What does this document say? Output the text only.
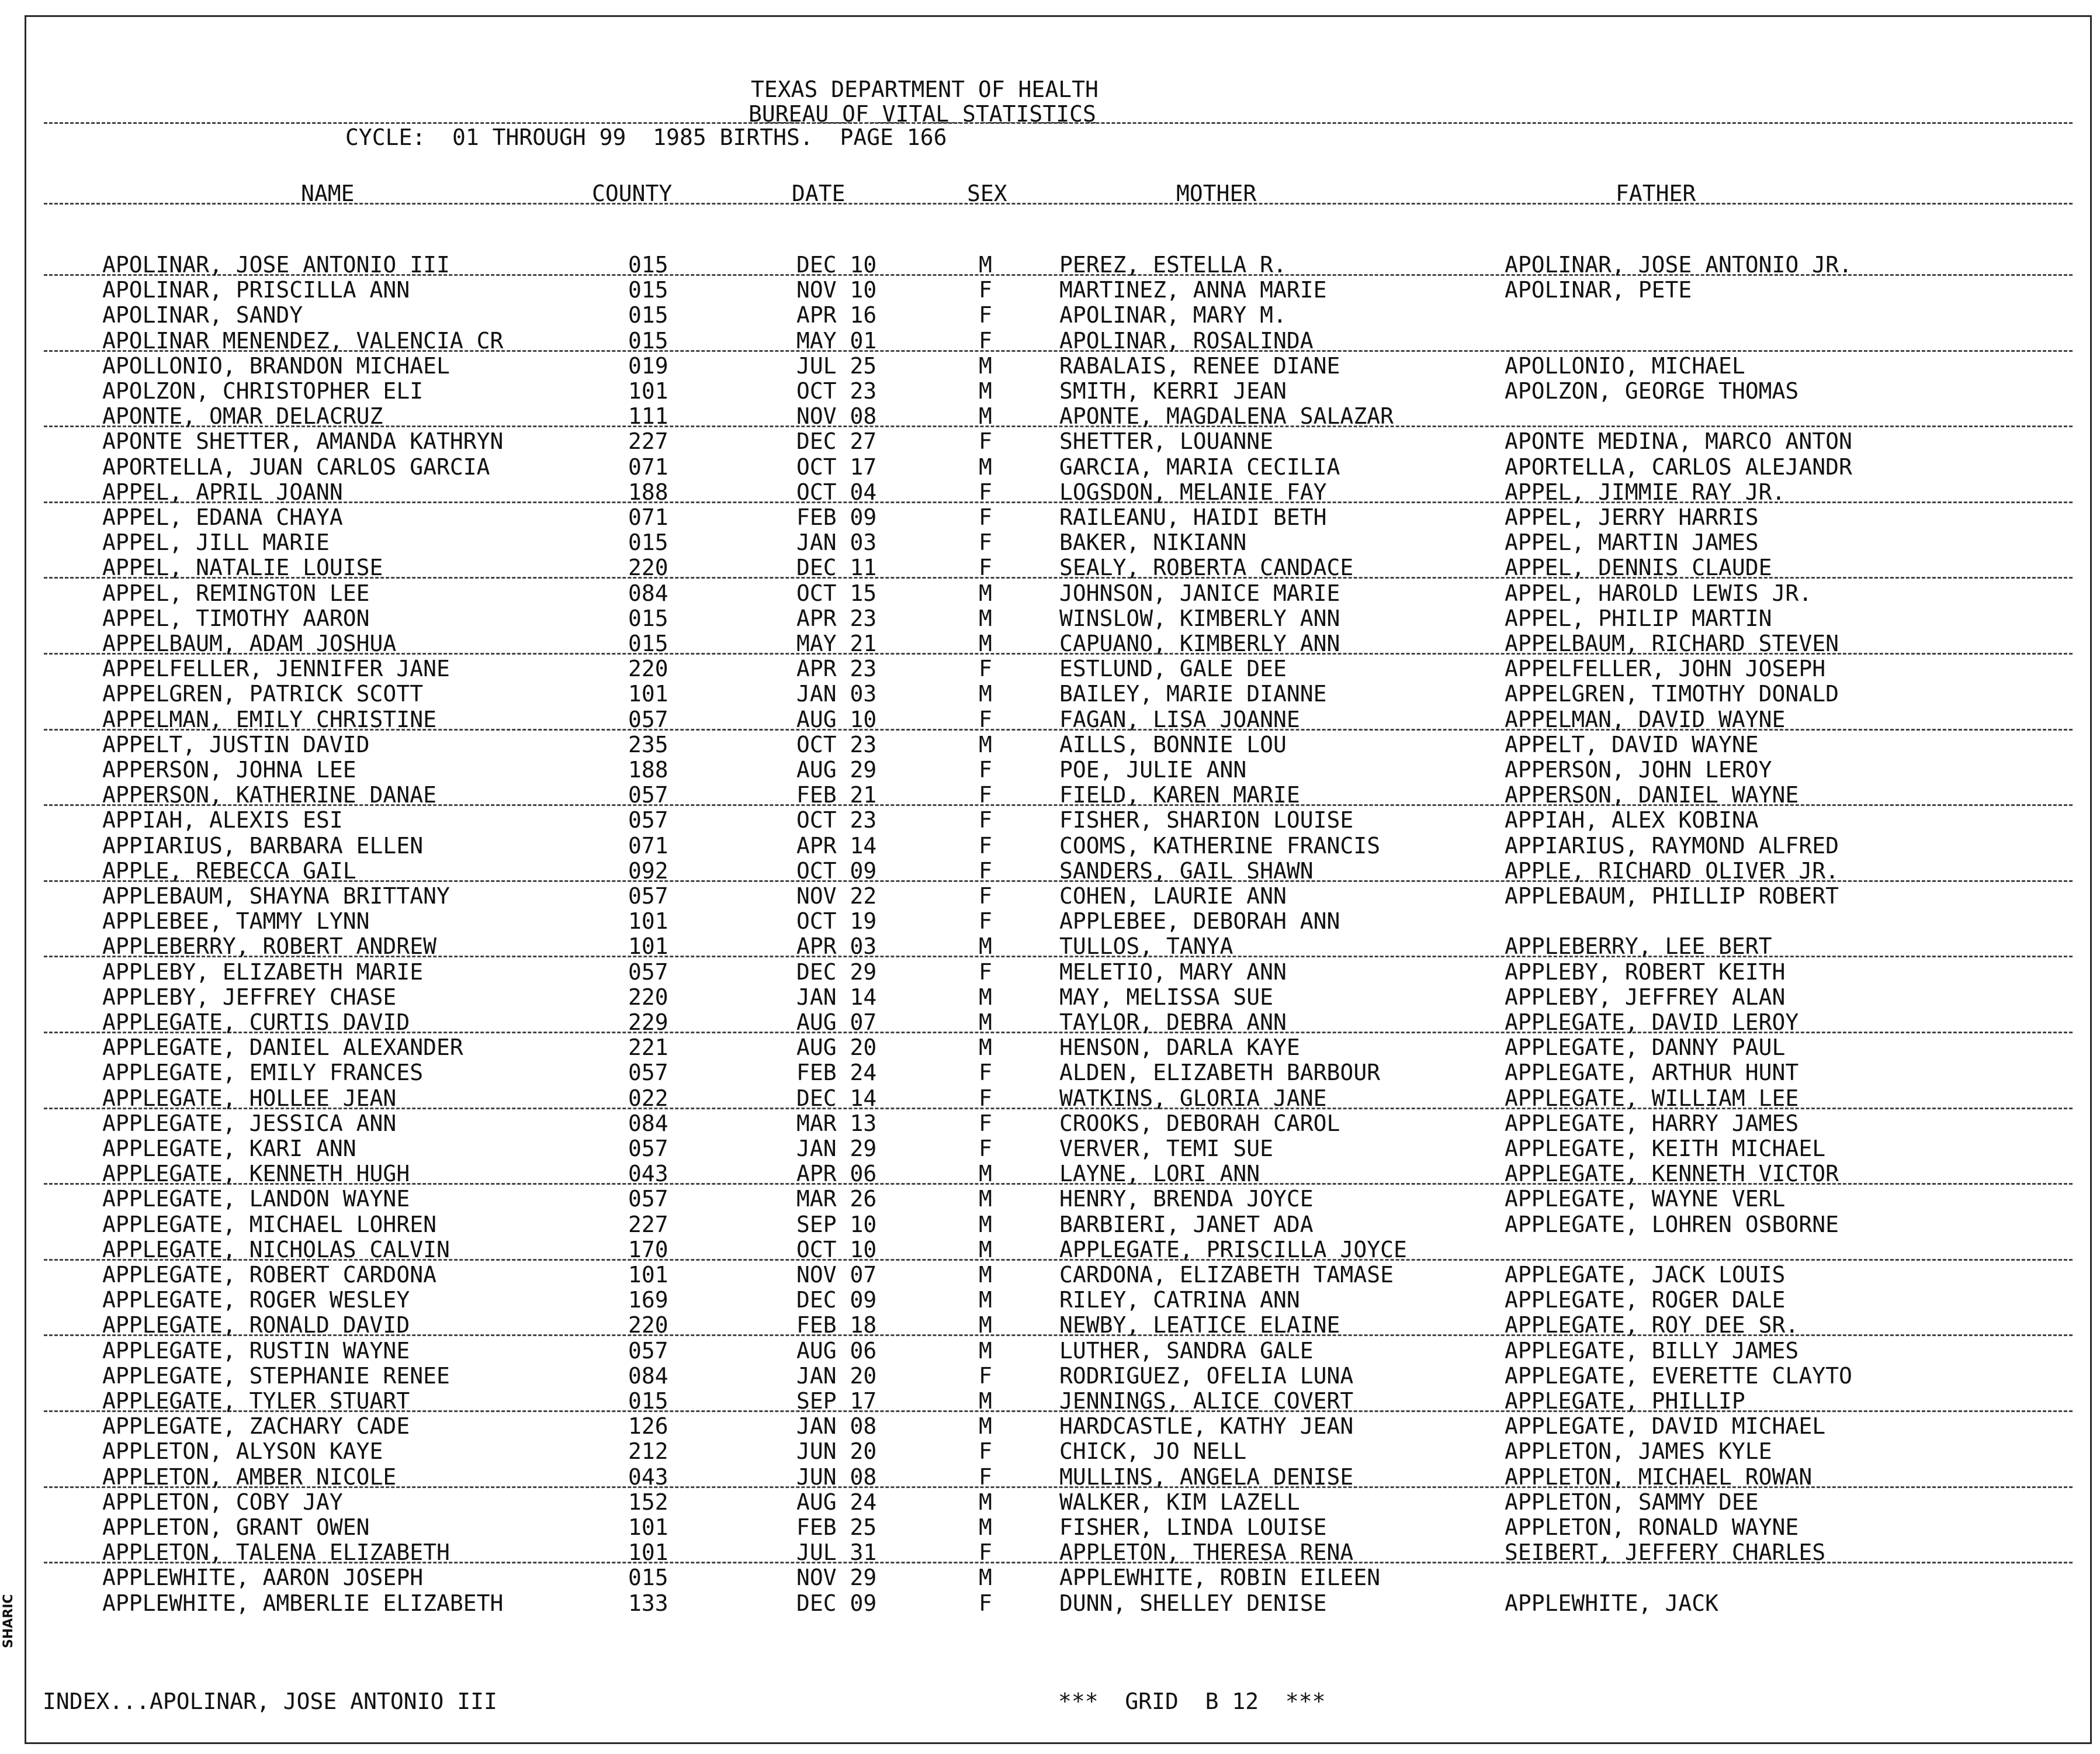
TEXAS DEPARTMENT OF HEALTH
BUREAU OF VITAL STATISTICS
CYCLE:  01 THROUGH 99  1985 BIRTHS.  PAGE 166
NAME	COUNTY	DATE	SEX	MOTHER	FATHER
APOLINAR, JOSE ANTONIO III	015	DEC 10	M	PEREZ, ESTELLA R.	APOLINAR, JOSE ANTONIO JR.
APOLINAR, PRISCILLA ANN	015	NOV 10	F	MARTINEZ, ANNA MARIE	APOLINAR, PETE
APOLINAR, SANDY	015	APR 16	F	APOLINAR, MARY M.
APOLINAR MENENDEZ, VALENCIA CR	015	MAY 01	F	APOLINAR, ROSALINDA
APOLLONIO, BRANDON MICHAEL	019	JUL 25	M	RABALAIS, RENEE DIANE	APOLLONIO, MICHAEL
APOLZON, CHRISTOPHER ELI	101	OCT 23	M	SMITH, KERRI JEAN	APOLZON, GEORGE THOMAS
APONTE, OMAR DELACRUZ	111	NOV 08	M	APONTE, MAGDALENA SALAZAR
APONTE SHETTER, AMANDA KATHRYN	227	DEC 27	F	SHETTER, LOUANNE	APONTE MEDINA, MARCO ANTON
APORTELLA, JUAN CARLOS GARCIA	071	OCT 17	M	GARCIA, MARIA CECILIA	APORTELLA, CARLOS ALEJANDR
APPEL, APRIL JOANN	188	OCT 04	F	LOGSDON, MELANIE FAY	APPEL, JIMMIE RAY JR.
APPEL, EDANA CHAYA	071	FEB 09	F	RAILEANU, HAIDI BETH	APPEL, JERRY HARRIS
APPEL, JILL MARIE	015	JAN 03	F	BAKER, NIKIANN	APPEL, MARTIN JAMES
APPEL, NATALIE LOUISE	220	DEC 11	F	SEALY, ROBERTA CANDACE	APPEL, DENNIS CLAUDE
APPEL, REMINGTON LEE	084	OCT 15	M	JOHNSON, JANICE MARIE	APPEL, HAROLD LEWIS JR.
APPEL, TIMOTHY AARON	015	APR 23	M	WINSLOW, KIMBERLY ANN	APPEL, PHILIP MARTIN
APPELBAUM, ADAM JOSHUA	015	MAY 21	M	CAPUANO, KIMBERLY ANN	APPELBAUM, RICHARD STEVEN
APPELFELLER, JENNIFER JANE	220	APR 23	F	ESTLUND, GALE DEE	APPELFELLER, JOHN JOSEPH
APPELGREN, PATRICK SCOTT	101	JAN 03	M	BAILEY, MARIE DIANNE	APPELGREN, TIMOTHY DONALD
APPELMAN, EMILY CHRISTINE	057	AUG 10	F	FAGAN, LISA JOANNE	APPELMAN, DAVID WAYNE
APPELT, JUSTIN DAVID	235	OCT 23	M	AILLS, BONNIE LOU	APPELT, DAVID WAYNE
APPERSON, JOHNA LEE	188	AUG 29	F	POE, JULIE ANN	APPERSON, JOHN LEROY
APPERSON, KATHERINE DANAE	057	FEB 21	F	FIELD, KAREN MARIE	APPERSON, DANIEL WAYNE
APPIAH, ALEXIS ESI	057	OCT 23	F	FISHER, SHARION LOUISE	APPIAH, ALEX KOBINA
APPIARIUS, BARBARA ELLEN	071	APR 14	F	COOMS, KATHERINE FRANCIS	APPIARIUS, RAYMOND ALFRED
APPLE, REBECCA GAIL	092	OCT 09	F	SANDERS, GAIL SHAWN	APPLE, RICHARD OLIVER JR.
APPLEBAUM, SHAYNA BRITTANY	057	NOV 22	F	COHEN, LAURIE ANN	APPLEBAUM, PHILLIP ROBERT
APPLEBEE, TAMMY LYNN	101	OCT 19	F	APPLEBEE, DEBORAH ANN
APPLEBERRY, ROBERT ANDREW	101	APR 03	M	TULLOS, TANYA	APPLEBERRY, LEE BERT
APPLEBY, ELIZABETH MARIE	057	DEC 29	F	MELETIO, MARY ANN	APPLEBY, ROBERT KEITH
APPLEBY, JEFFREY CHASE	220	JAN 14	M	MAY, MELISSA SUE	APPLEBY, JEFFREY ALAN
APPLEGATE, CURTIS DAVID	229	AUG 07	M	TAYLOR, DEBRA ANN	APPLEGATE, DAVID LEROY
APPLEGATE, DANIEL ALEXANDER	221	AUG 20	M	HENSON, DARLA KAYE	APPLEGATE, DANNY PAUL
APPLEGATE, EMILY FRANCES	057	FEB 24	F	ALDEN, ELIZABETH BARBOUR	APPLEGATE, ARTHUR HUNT
APPLEGATE, HOLLEE JEAN	022	DEC 14	F	WATKINS, GLORIA JANE	APPLEGATE, WILLIAM LEE
APPLEGATE, JESSICA ANN	084	MAR 13	F	CROOKS, DEBORAH CAROL	APPLEGATE, HARRY JAMES
APPLEGATE, KARI ANN	057	JAN 29	F	VERVER, TEMI SUE	APPLEGATE, KEITH MICHAEL
APPLEGATE, KENNETH HUGH	043	APR 06	M	LAYNE, LORI ANN	APPLEGATE, KENNETH VICTOR
APPLEGATE, LANDON WAYNE	057	MAR 26	M	HENRY, BRENDA JOYCE	APPLEGATE, WAYNE VERL
APPLEGATE, MICHAEL LOHREN	227	SEP 10	M	BARBIERI, JANET ADA	APPLEGATE, LOHREN OSBORNE
APPLEGATE, NICHOLAS CALVIN	170	OCT 10	M	APPLEGATE, PRISCILLA JOYCE
APPLEGATE, ROBERT CARDONA	101	NOV 07	M	CARDONA, ELIZABETH TAMASE	APPLEGATE, JACK LOUIS
APPLEGATE, ROGER WESLEY	169	DEC 09	M	RILEY, CATRINA ANN	APPLEGATE, ROGER DALE
APPLEGATE, RONALD DAVID	220	FEB 18	M	NEWBY, LEATICE ELAINE	APPLEGATE, ROY DEE SR.
APPLEGATE, RUSTIN WAYNE	057	AUG 06	M	LUTHER, SANDRA GALE	APPLEGATE, BILLY JAMES
APPLEGATE, STEPHANIE RENEE	084	JAN 20	F	RODRIGUEZ, OFELIA LUNA	APPLEGATE, EVERETTE CLAYTO
APPLEGATE, TYLER STUART	015	SEP 17	M	JENNINGS, ALICE COVERT	APPLEGATE, PHILLIP
APPLEGATE, ZACHARY CADE	126	JAN 08	M	HARDCASTLE, KATHY JEAN	APPLEGATE, DAVID MICHAEL
APPLETON, ALYSON KAYE	212	JUN 20	F	CHICK, JO NELL	APPLETON, JAMES KYLE
APPLETON, AMBER NICOLE	043	JUN 08	F	MULLINS, ANGELA DENISE	APPLETON, MICHAEL ROWAN
APPLETON, COBY JAY	152	AUG 24	M	WALKER, KIM LAZELL	APPLETON, SAMMY DEE
APPLETON, GRANT OWEN	101	FEB 25	M	FISHER, LINDA LOUISE	APPLETON, RONALD WAYNE
APPLETON, TALENA ELIZABETH	101	JUL 31	F	APPLETON, THERESA RENA	SEIBERT, JEFFERY CHARLES
APPLEWHITE, AARON JOSEPH	015	NOV 29	M	APPLEWHITE, ROBIN EILEEN
APPLEWHITE, AMBERLIE ELIZABETH	133	DEC 09	F	DUNN, SHELLEY DENISE	APPLEWHITE, JACK
INDEX...APOLINAR, JOSE ANTONIO III	***  GRID  B 12  ***
SHARIC
